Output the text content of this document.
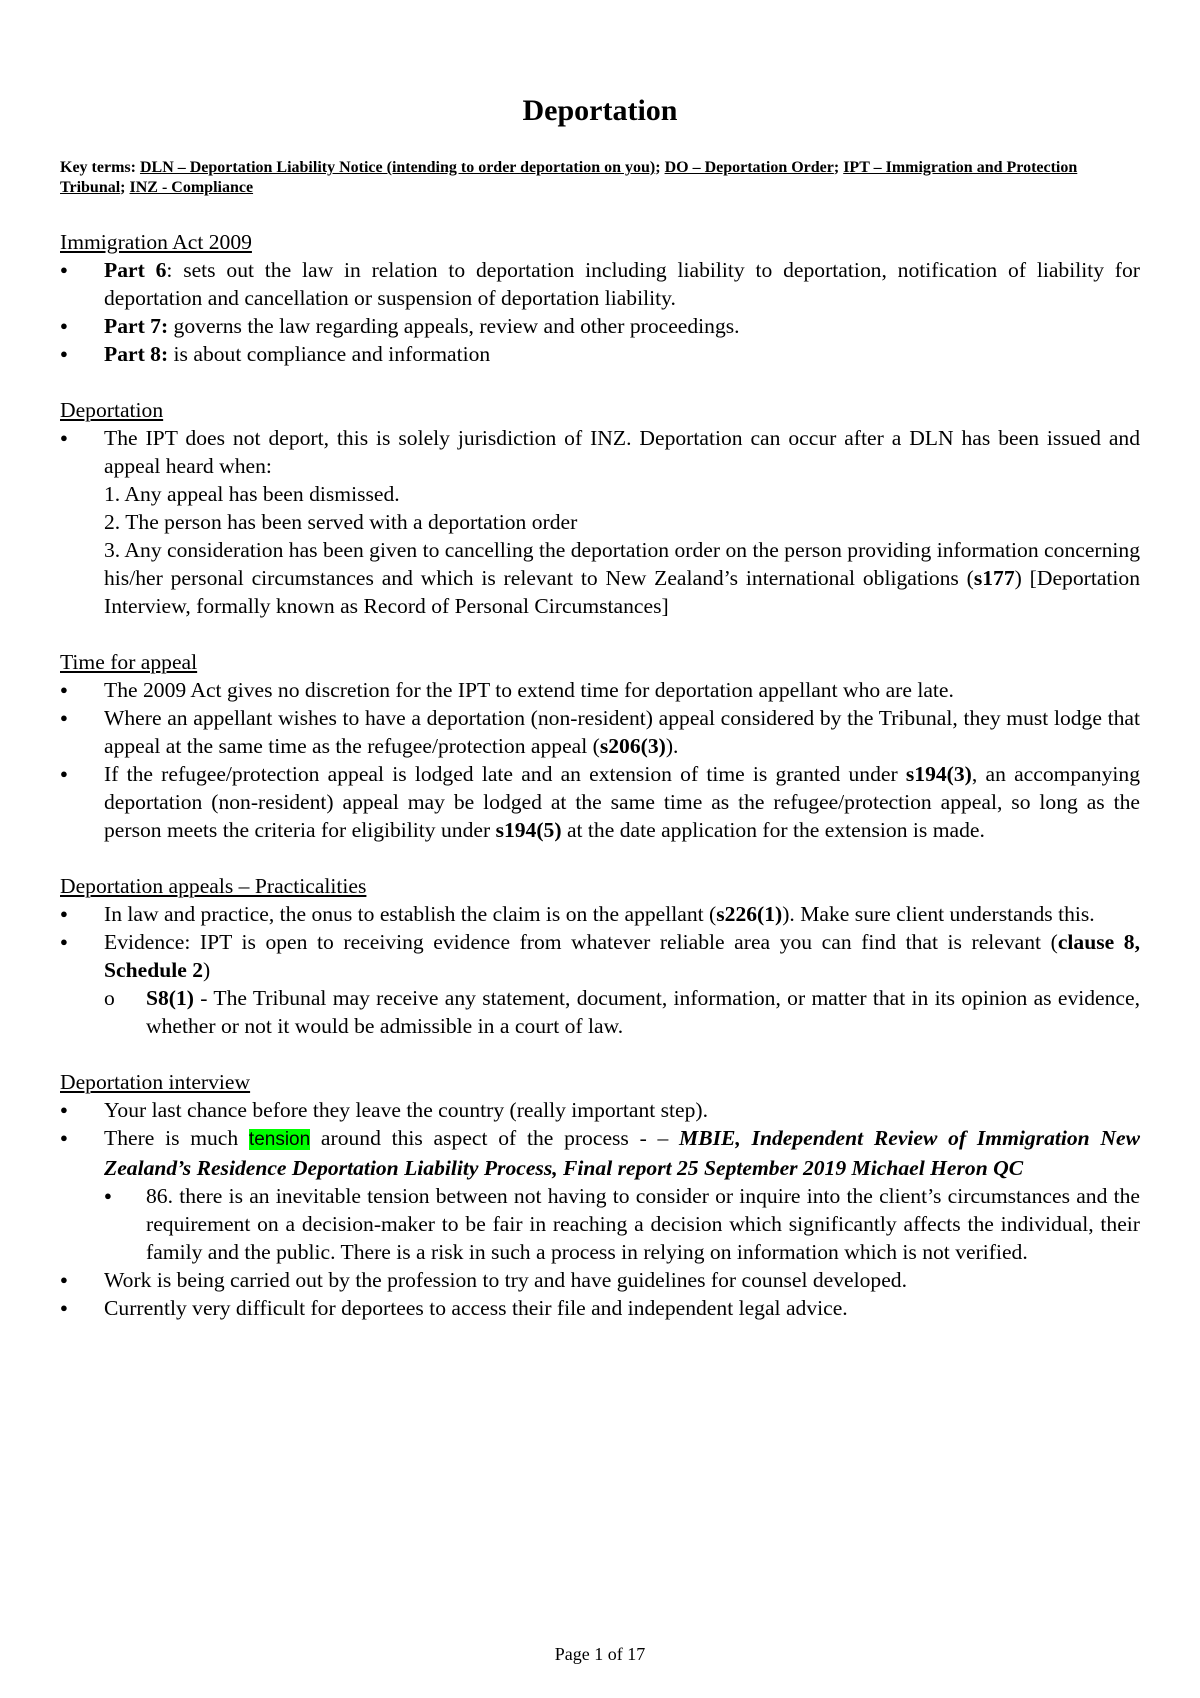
Deportation

Key terms: DLN – Deportation Liability Notice (intending to order deportation on you); DO – Deportation Order; IPT – Immigration and Protection Tribunal; INZ - Compliance

Immigration Act 2009

● Part 6: sets out the law in relation to deportation including liability to deportation, notification of liability for deportation and cancellation or suspension of deportation liability.
● Part 7: governs the law regarding appeals, review and other proceedings.
● Part 8: is about compliance and information

Deportation

● The IPT does not deport, this is solely jurisdiction of INZ. Deportation can occur after a DLN has been issued and appeal heard when:
1. Any appeal has been dismissed.
2. The person has been served with a deportation order
3. Any consideration has been given to cancelling the deportation order on the person providing information concerning his/her personal circumstances and which is relevant to New Zealand’s international obligations (s177) [Deportation Interview, formally known as Record of Personal Circumstances]

Time for appeal

● The 2009 Act gives no discretion for the IPT to extend time for deportation appellant who are late.
● Where an appellant wishes to have a deportation (non-resident) appeal considered by the Tribunal, they must lodge that appeal at the same time as the refugee/protection appeal (s206(3)).
● If the refugee/protection appeal is lodged late and an extension of time is granted under s194(3), an accompanying deportation (non-resident) appeal may be lodged at the same time as the refugee/protection appeal, so long as the person meets the criteria for eligibility under s194(5) at the date application for the extension is made.

Deportation appeals – Practicalities

● In law and practice, the onus to establish the claim is on the appellant (s226(1)). Make sure client understands this.
● Evidence: IPT is open to receiving evidence from whatever reliable area you can find that is relevant (clause 8, Schedule 2)
o S8(1) - The Tribunal may receive any statement, document, information, or matter that in its opinion as evidence, whether or not it would be admissible in a court of law.

Deportation interview

● Your last chance before they leave the country (really important step).
● There is much tension around this aspect of the process - – MBIE, Independent Review of Immigration New Zealand’s Residence Deportation Liability Process, Final report 25 September 2019 Michael Heron QC
● 86. there is an inevitable tension between not having to consider or inquire into the client’s circumstances and the requirement on a decision-maker to be fair in reaching a decision which significantly affects the individual, their family and the public. There is a risk in such a process in relying on information which is not verified.
● Work is being carried out by the profession to try and have guidelines for counsel developed.
● Currently very difficult for deportees to access their file and independent legal advice.
Page 1 of 17
